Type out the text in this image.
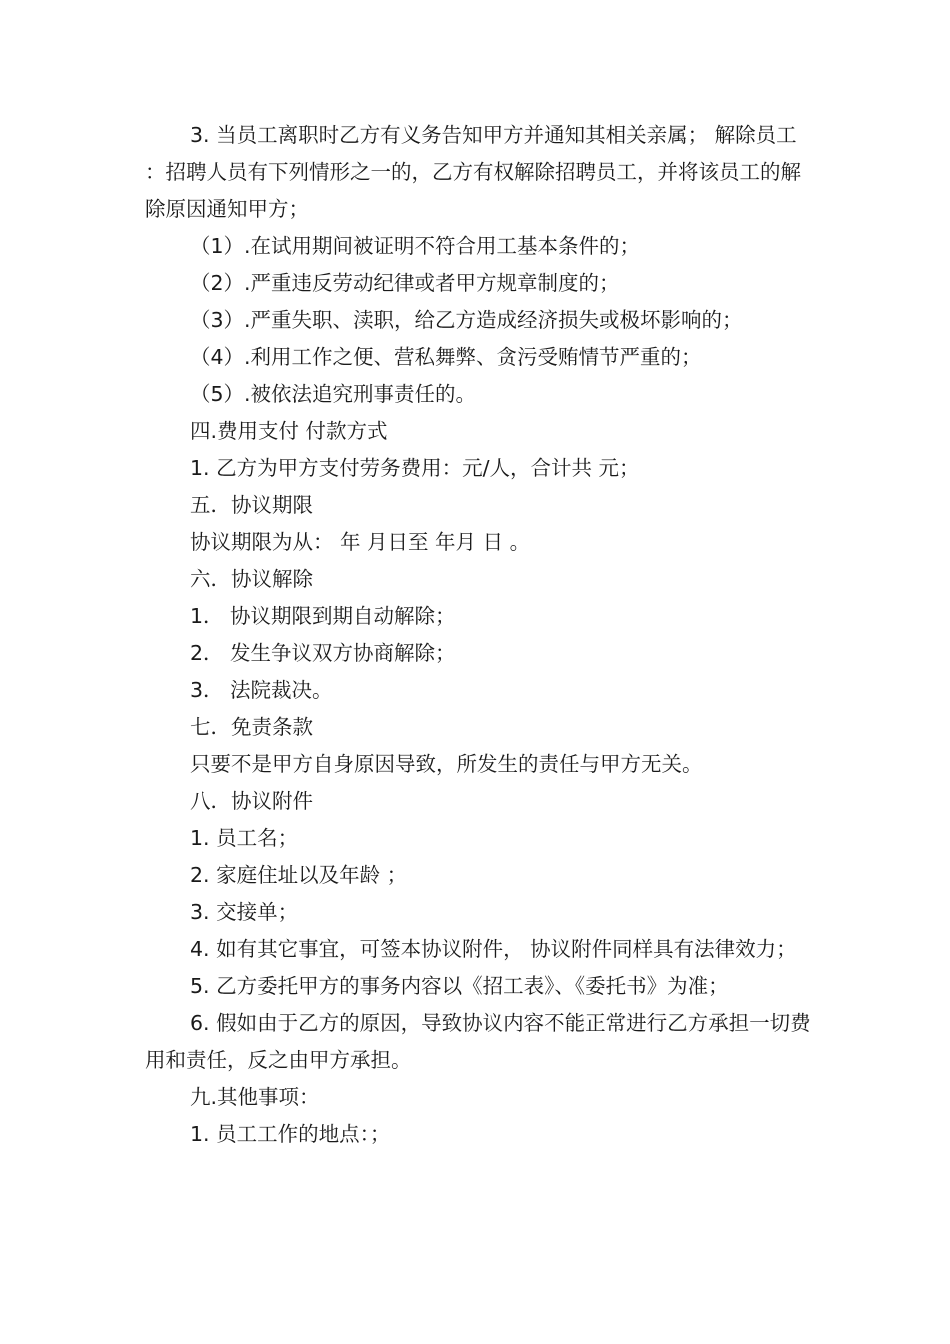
3. 当员工离职时乙方有义务告知甲方并通知其相关亲属； 解除员工 ：招聘人员有下列情形之一的，乙方有权解除招聘员工，并将该员工的解除原因通知甲方；

（1）.在试用期间被证明不符合用工基本条件的；

（2）.严重违反劳动纪律或者甲方规章制度的；

（3）.严重失职、渎职，给乙方造成经济损失或极坏影响的；

（4）.利用工作之便、营私舞弊、贪污受贿情节严重的；

（5）.被依法追究刑事责任的。

四.费用支付 付款方式

1. 乙方为甲方支付劳务费用：元/人，合计共 元；

五．协议期限

协议期限为从： 年 月日至 年月 日 。

六．协议解除

1． 协议期限到期自动解除；

2． 发生争议双方协商解除；

3． 法院裁决。

七．免责条款

只要不是甲方自身原因导致，所发生的责任与甲方无关。

八．协议附件

1. 员工名；

2. 家庭住址以及年龄 ；

3. 交接单；

4. 如有其它事宜，可签本协议附件， 协议附件同样具有法律效力；

5. 乙方委托甲方的事务内容以《招工表》、《委托书》为准；

6. 假如由于乙方的原因，导致协议内容不能正常进行乙方承担一切费用和责任，反之由甲方承担。

九.其他事项：

1. 员工工作的地点：；
